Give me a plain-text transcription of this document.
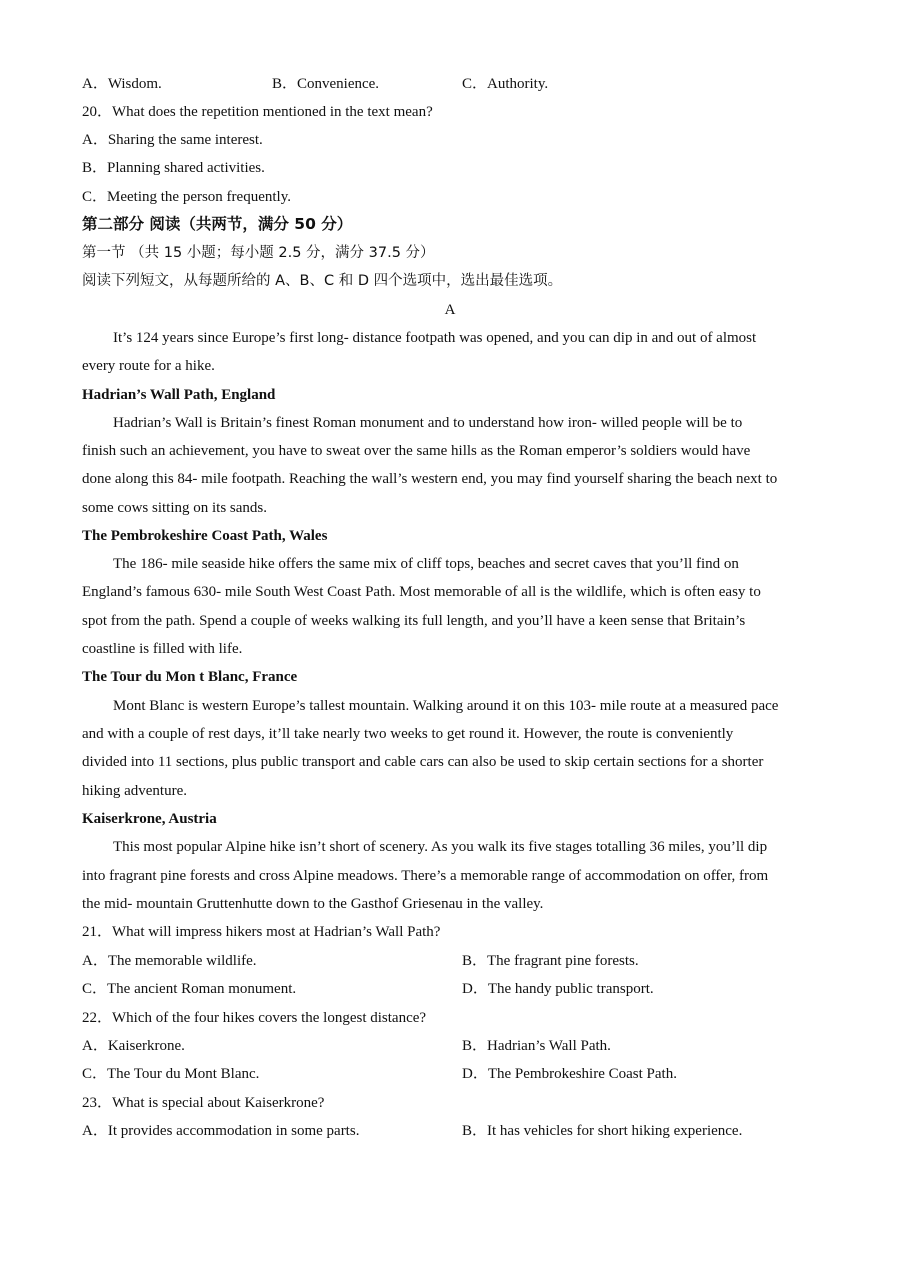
A．Wisdom.	B．Convenience.	C．Authority.
20．What does the repetition mentioned in the text mean?
A．Sharing the same interest.
B．Planning shared activities.
C．Meeting the person frequently.
第二部分 阅读（共两节，满分 50 分）
第一节 （共 15 小题；每小题 2.5 分，满分 37.5 分）
阅读下列短文，从每题所给的 A、B、C 和 D 四个选项中，选出最佳选项。
A
It’s 124 years since Europe’s first long- distance footpath was opened, and you can dip in and out of almost
every route for a hike.
Hadrian’s Wall Path, England
Hadrian’s Wall is Britain’s finest Roman monument and to understand how iron- willed people will be to
finish such an achievement, you have to sweat over the same hills as the Roman emperor’s soldiers would have
done along this 84- mile footpath. Reaching the wall’s western end, you may find yourself sharing the beach next to
some cows sitting on its sands.
The Pembrokeshire Coast Path, Wales
The 186- mile seaside hike offers the same mix of cliff tops, beaches and secret caves that you’ll find on
England’s famous 630- mile South West Coast Path. Most memorable of all is the wildlife, which is often easy to
spot from the path. Spend a couple of weeks walking its full length, and you’ll have a keen sense that Britain’s
coastline is filled with life.
The Tour du Mon t Blanc, France
Mont Blanc is western Europe’s tallest mountain. Walking around it on this 103- mile route at a measured pace
and with a couple of rest days, it’ll take nearly two weeks to get round it. However, the route is conveniently
divided into 11 sections, plus public transport and cable cars can also be used to skip certain sections for a shorter
hiking adventure.
Kaiserkrone, Austria
This most popular Alpine hike isn’t short of scenery. As you walk its five stages totalling 36 miles, you’ll dip
into fragrant pine forests and cross Alpine meadows. There’s a memorable range of accommodation on offer, from
the mid- mountain Gruttenhutte down to the Gasthof Griesenau in the valley.
21．What will impress hikers most at Hadrian’s Wall Path?
A．The memorable wildlife.	B．The fragrant pine forests.
C．The ancient Roman monument.	D．The handy public transport.
22．Which of the four hikes covers the longest distance?
A．Kaiserkrone.	B．Hadrian’s Wall Path.
C．The Tour du Mont Blanc.	D．The Pembrokeshire Coast Path.
23．What is special about Kaiserkrone?
A．It provides accommodation in some parts.	B．It has vehicles for short hiking experience.
